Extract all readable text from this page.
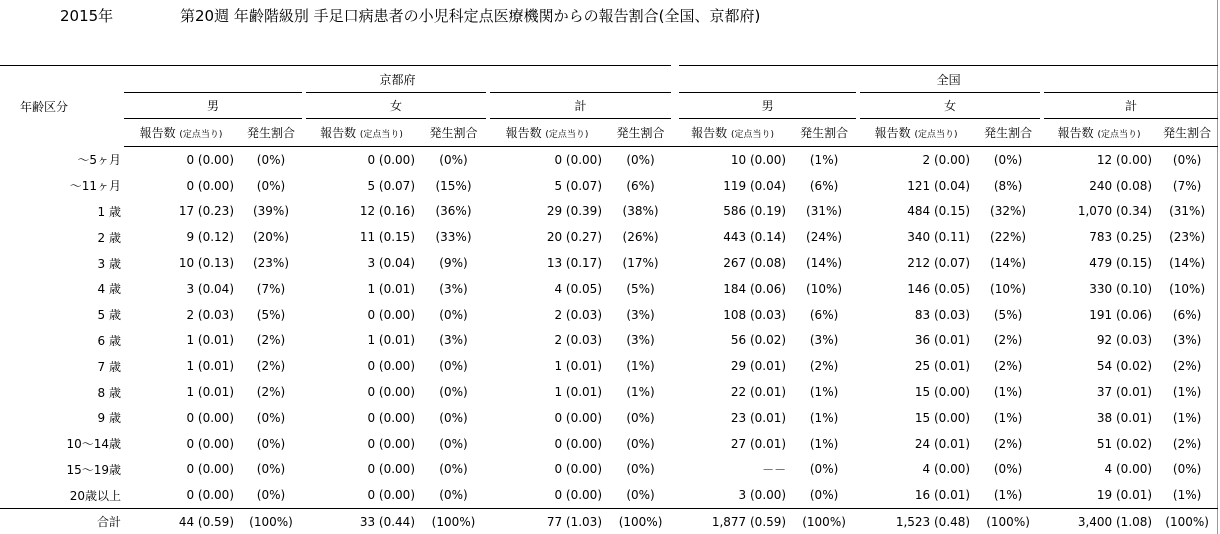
2015年	第20週 年齢階級別 手足口病患者の小児科定点医療機関からの報告割合(全国、京都府)
年齢区分	京都府						全国					
	男		女		計		男		女		計	
	報告数 (定点当り)	発生割合	報告数 (定点当り)	発生割合	報告数 (定点当り)	発生割合	報告数 (定点当り)	発生割合	報告数 (定点当り)	発生割合	報告数 (定点当り)	発生割合
〜5ヶ月	0 (0.00)	(0%)	0 (0.00)	(0%)	0 (0.00)	(0%)	10 (0.00)	(1%)	2 (0.00)	(0%)	12 (0.00)	(0%)
〜11ヶ月	0 (0.00)	(0%)	5 (0.07)	(15%)	5 (0.07)	(6%)	119 (0.04)	(6%)	121 (0.04)	(8%)	240 (0.08)	(7%)
1 歳	17 (0.23)	(39%)	12 (0.16)	(36%)	29 (0.39)	(38%)	586 (0.19)	(31%)	484 (0.15)	(32%)	1,070 (0.34)	(31%)
2 歳	9 (0.12)	(20%)	11 (0.15)	(33%)	20 (0.27)	(26%)	443 (0.14)	(24%)	340 (0.11)	(22%)	783 (0.25)	(23%)
3 歳	10 (0.13)	(23%)	3 (0.04)	(9%)	13 (0.17)	(17%)	267 (0.08)	(14%)	212 (0.07)	(14%)	479 (0.15)	(14%)
4 歳	3 (0.04)	(7%)	1 (0.01)	(3%)	4 (0.05)	(5%)	184 (0.06)	(10%)	146 (0.05)	(10%)	330 (0.10)	(10%)
5 歳	2 (0.03)	(5%)	0 (0.00)	(0%)	2 (0.03)	(3%)	108 (0.03)	(6%)	83 (0.03)	(5%)	191 (0.06)	(6%)
6 歳	1 (0.01)	(2%)	1 (0.01)	(3%)	2 (0.03)	(3%)	56 (0.02)	(3%)	36 (0.01)	(2%)	92 (0.03)	(3%)
7 歳	1 (0.01)	(2%)	0 (0.00)	(0%)	1 (0.01)	(1%)	29 (0.01)	(2%)	25 (0.01)	(2%)	54 (0.02)	(2%)
8 歳	1 (0.01)	(2%)	0 (0.00)	(0%)	1 (0.01)	(1%)	22 (0.01)	(1%)	15 (0.00)	(1%)	37 (0.01)	(1%)
9 歳	0 (0.00)	(0%)	0 (0.00)	(0%)	0 (0.00)	(0%)	23 (0.01)	(1%)	15 (0.00)	(1%)	38 (0.01)	(1%)
10〜14歳	0 (0.00)	(0%)	0 (0.00)	(0%)	0 (0.00)	(0%)	27 (0.01)	(1%)	24 (0.01)	(2%)	51 (0.02)	(2%)
15〜19歳	0 (0.00)	(0%)	0 (0.00)	(0%)	0 (0.00)	(0%)	－－	(0%)	4 (0.00)	(0%)	4 (0.00)	(0%)
20歳以上	0 (0.00)	(0%)	0 (0.00)	(0%)	0 (0.00)	(0%)	3 (0.00)	(0%)	16 (0.01)	(1%)	19 (0.01)	(1%)
合計	44 (0.59)	(100%)	33 (0.44)	(100%)	77 (1.03)	(100%)	1,877 (0.59)	(100%)	1,523 (0.48)	(100%)	3,400 (1.08)	(100%)
